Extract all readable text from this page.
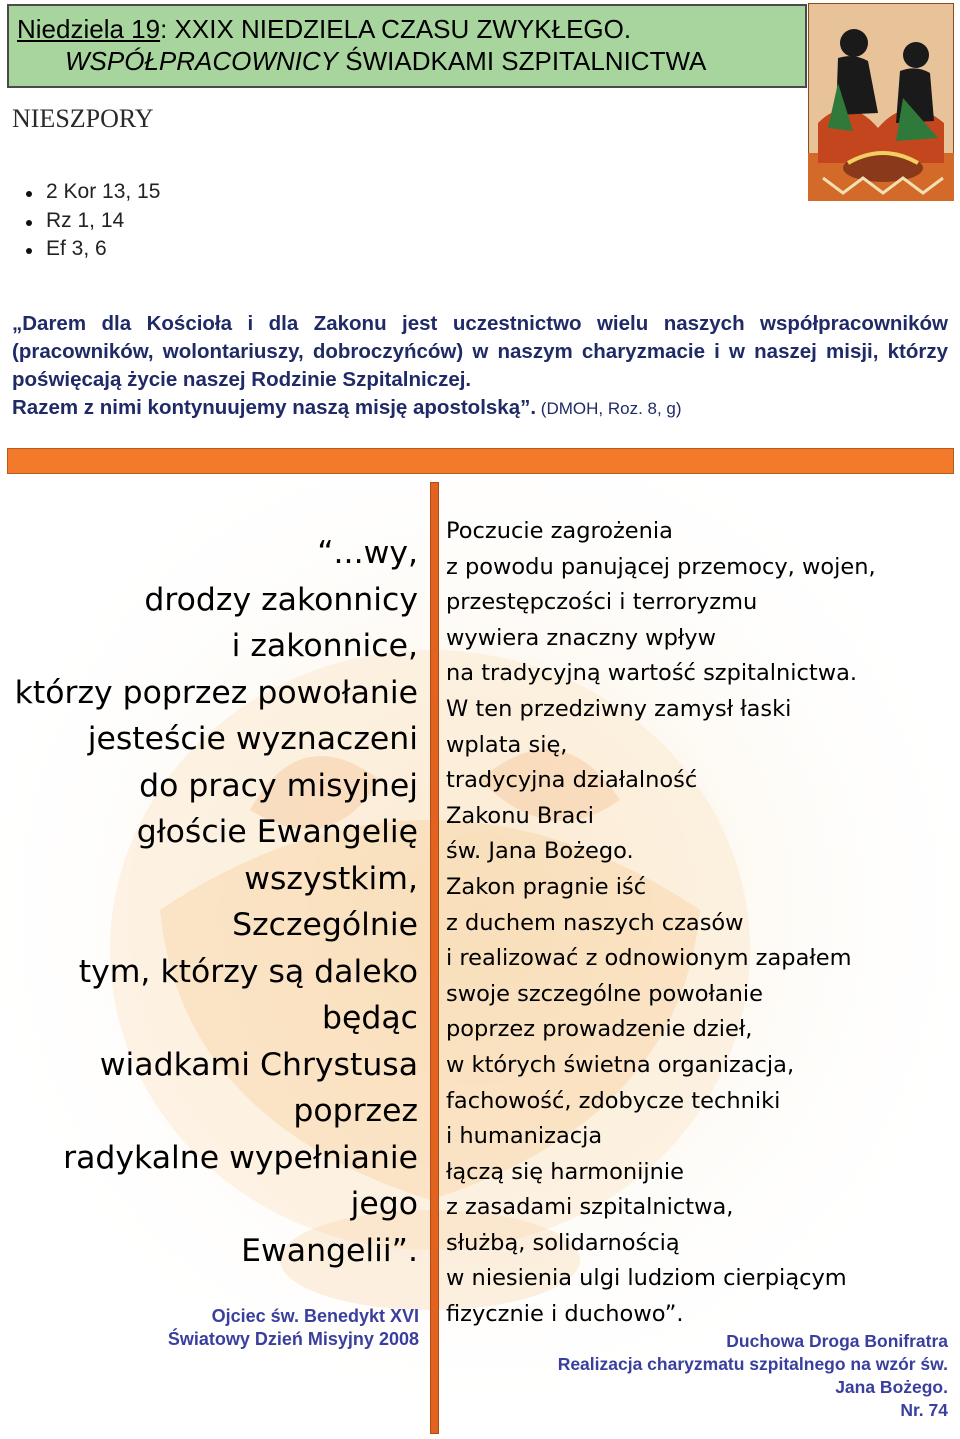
Niedziela 19: XXIX NIEDZIELA CZASU ZWYKŁEGO.
WSPÓŁPRACOWNICY ŚWIADKAMI SZPITALNICTWA
NIESZPORY
2 Kor 13, 15
Rz 1, 14
Ef 3, 6
„Darem dla Kościoła i dla Zakonu jest uczestnictwo wielu naszych współpracowników (pracowników, wolontariuszy, dobroczyńców) w naszym charyzmacie i w naszej misji, którzy poświęcają życie naszej Rodzinie Szpitalniczej.
Razem z nimi kontynuujemy naszą misję apostolską”. (DMOH, Roz. 8, g)
“...wy,
drodzy zakonnicy
i zakonnice,
którzy poprzez powołanie
jesteście wyznaczeni
do pracy misyjnej
głoście Ewangelię
wszystkim,
Szczególnie
tym, którzy są daleko
będąc
wiadkami Chrystusa
poprzez
radykalne wypełnianie
jego
Ewangelii”.
Ojciec św. Benedykt XVI
Światowy Dzień Misyjny 2008
Poczucie zagrożenia
z powodu panującej przemocy, wojen,
przestępczości i terroryzmu
wywiera znaczny wpływ
na tradycyjną wartość szpitalnictwa.
W ten przedziwny zamysł łaski
wplata się,
tradycyjna działalność
Zakonu Braci
św. Jana Bożego.
Zakon pragnie iść
z duchem naszych czasów
i realizować z odnowionym zapałem
swoje szczególne powołanie
poprzez prowadzenie dzieł,
w których świetna organizacja,
fachowość, zdobycze techniki
i humanizacja
łączą się harmonijnie
z zasadami szpitalnictwa,
służbą, solidarnością
w niesienia ulgi ludziom cierpiącym
fizycznie i duchowo”.
Duchowa Droga Bonifratra
Realizacja charyzmatu szpitalnego na wzór św.
Jana Bożego.
Nr. 74
